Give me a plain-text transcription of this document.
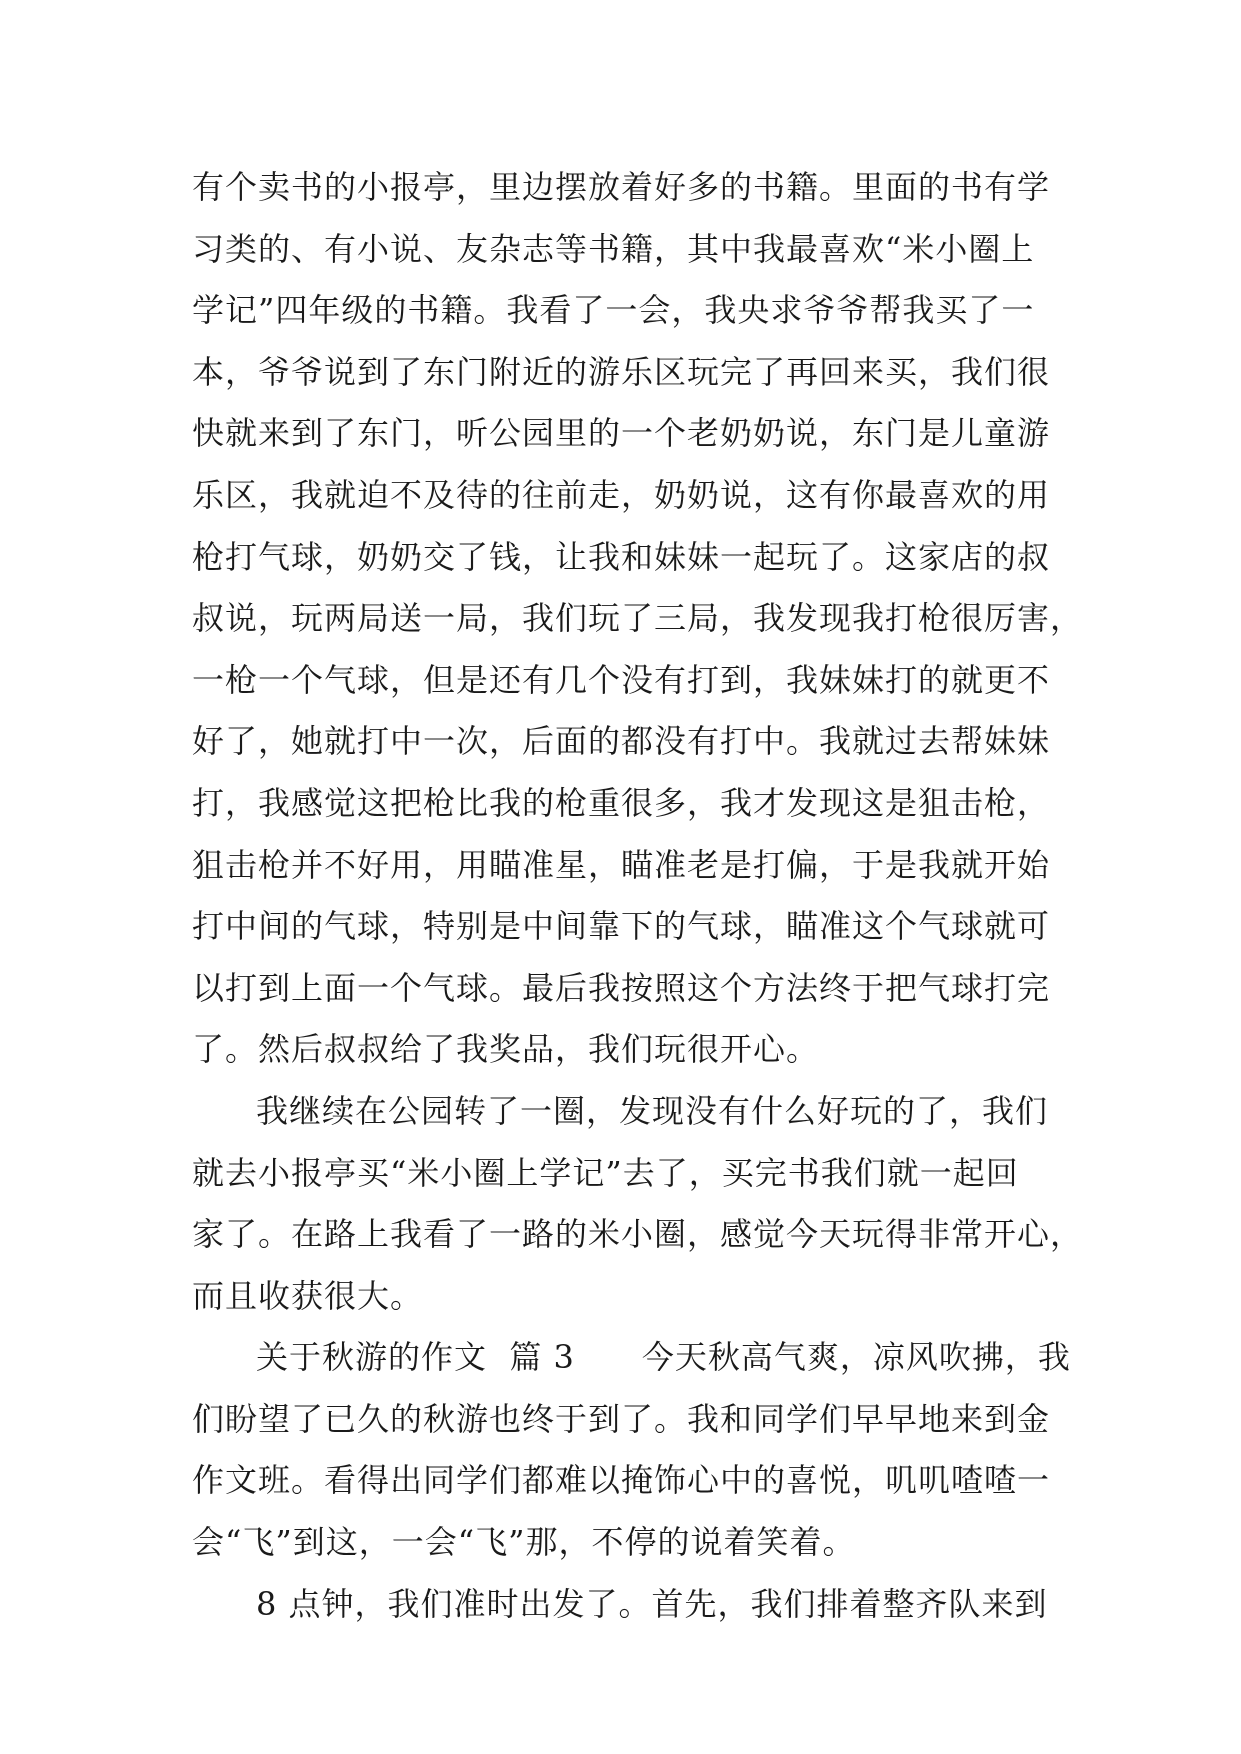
有个卖书的小报亭，里边摆放着好多的书籍。里面的书有学
习类的、有小说、友杂志等书籍，其中我最喜欢“米小圈上
学记”四年级的书籍。我看了一会，我央求爷爷帮我买了一
本，爷爷说到了东门附近的游乐区玩完了再回来买，我们很
快就来到了东门，听公园里的一个老奶奶说，东门是儿童游
乐区，我就迫不及待的往前走，奶奶说，这有你最喜欢的用
枪打气球，奶奶交了钱，让我和妹妹一起玩了。这家店的叔
叔说，玩两局送一局，我们玩了三局，我发现我打枪很厉害，
一枪一个气球，但是还有几个没有打到，我妹妹打的就更不
好了，她就打中一次，后面的都没有打中。我就过去帮妹妹
打，我感觉这把枪比我的枪重很多，我才发现这是狙击枪，
狙击枪并不好用，用瞄准星，瞄准老是打偏，于是我就开始
打中间的气球，特别是中间靠下的气球，瞄准这个气球就可
以打到上面一个气球。最后我按照这个方法终于把气球打完
了。然后叔叔给了我奖品，我们玩很开心。
我继续在公园转了一圈，发现没有什么好玩的了，我们
就去小报亭买“米小圈上学记”去了，买完书我们就一起回
家了。在路上我看了一路的米小圈，感觉今天玩得非常开心，
而且收获很大。
关于秋游的作文  篇 3      今天秋高气爽，凉风吹拂，我
们盼望了已久的秋游也终于到了。我和同学们早早地来到金
作文班。看得出同学们都难以掩饰心中的喜悦，叽叽喳喳一
会“飞”到这，一会“飞”那，不停的说着笑着。
8 点钟，我们准时出发了。首先，我们排着整齐队来到
